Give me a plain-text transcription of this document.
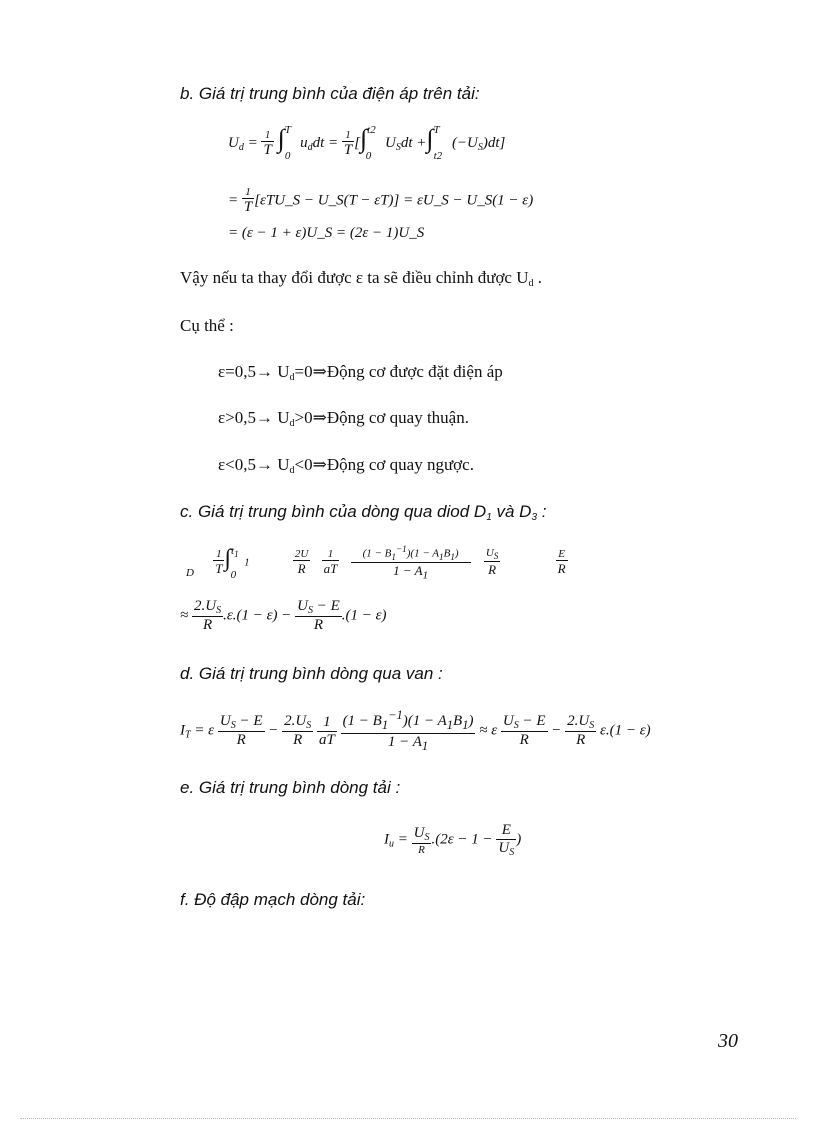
b. Giá trị trung bình của điện áp trên tải:
$U_d = \frac{1}{T} \int^T_0$ $u_ddt = \frac{1}{T} [\int^{t2}_0$ $U_Sdt +\int^T_{t2}$ $(-U_S)dt$]
= $\frac{1}{T}$ [εTU_S − U_S(T − εT)] = εU_S − U_S(1 − ε)
= (ε − 1 + ε)U_S = (2ε − 1)U_S
Vậy nếu ta thay đổi được ε ta sẽ điều chỉnh được $U_d$ .
Cụ thể :
$\varepsilon=0,5\to U_d=0\Rightarrow Động$ cơ được đặt điện áp
$\varepsilon>0,5\to U_d>0\Rightarrow Động$ cơ quay thuận.
$\varepsilon<0,5\to U_d<0\Rightarrow Động$ cơ quay ngược.
c. Giá trị trung bình của dòng qua diod $D_1$ và $D_3$ :
$_D \frac{1}{T} \int^{t_1}_01$	$\frac{2U}{R}$
$\frac{1}{aT}$
$\frac{(1 - B_1^{-1})(1 - A_1B_1)}{1 - A_1}$
$\frac{U_S}{R}$
	$\frac{E}{R}$
≈ $\frac{2.U_S}{R} .\varepsilon.(1 - \varepsilon) - \frac{U_S - E}{R} .(1 - \varepsilon)$
d. Giá trị trung bình dòng qua van :
$I_T = \varepsilon \frac{U_S - E}{R} - \frac{2.U_S}{R}$
$\frac{1}{aT}$
$\frac{(1 - B_1^{-1})(1 - A_1B_1)}{1 - A_1} \approx \varepsilon \frac{U_S - E}{R} - \frac{2.U_S}{R} \varepsilon.(1 - \varepsilon)$
e. Giá trị trung bình dòng tải :
$I_u = \frac{U_S}{R} .(2\varepsilon - 1 - \frac{E}{U_S}$ )
f. Độ đập mạch dòng tải:
30
